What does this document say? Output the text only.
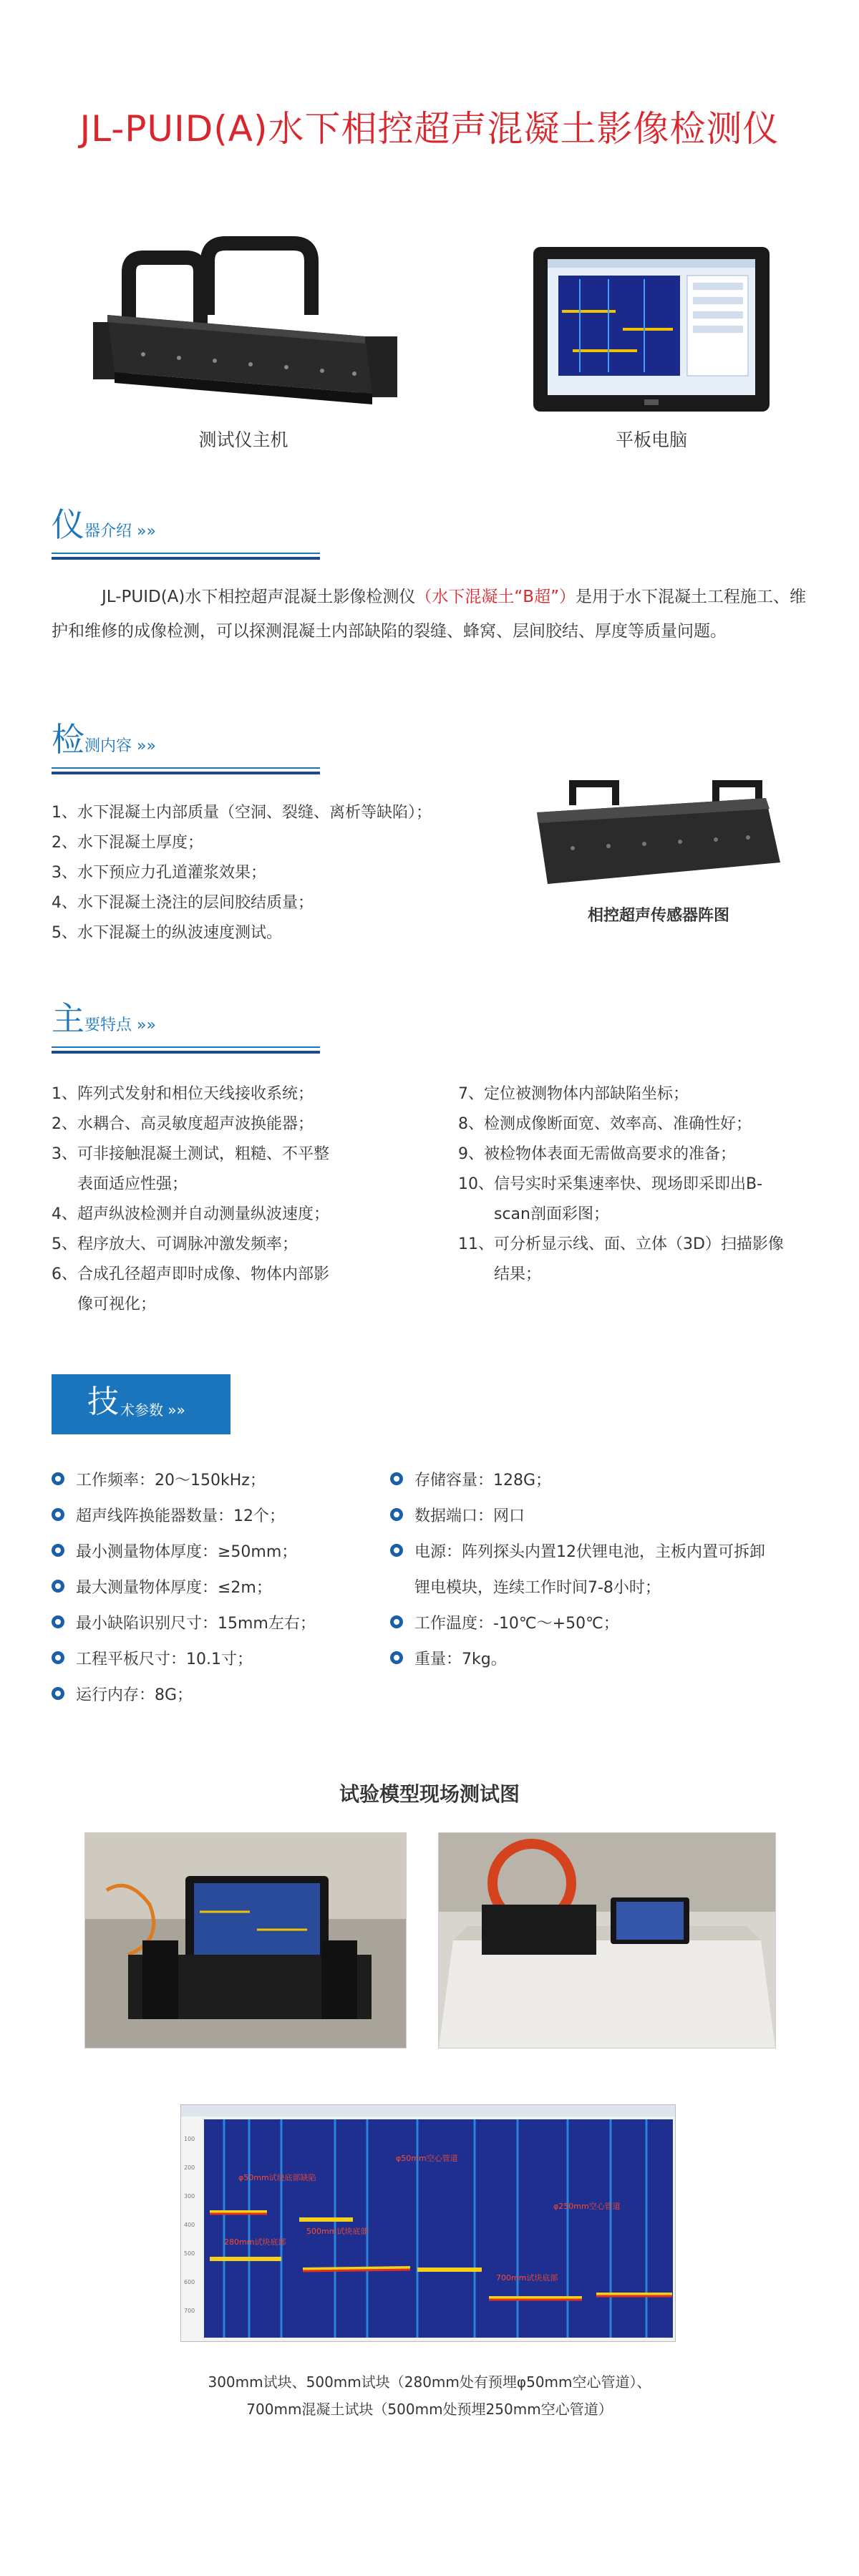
JL-PUID(A)水下相控超声混凝土影像检测仪
测试仪主机	平板电脑
仪 器介绍 »»
JL-PUID(A)水下相控超声混凝土影像检测仪（水下混凝土“B超”）是用于水下混凝土工程施工、维护和维修的成像检测，可以探测混凝土内部缺陷的裂缝、蜂窝、层间胶结、厚度等质量问题。
检 测内容 »»
1、水下混凝土内部质量（空洞、裂缝、离析等缺陷）；
2、水下混凝土厚度；
3、水下预应力孔道灌浆效果；
4、水下混凝土浇注的层间胶结质量；
5、水下混凝土的纵波速度测试。
相控超声传感器阵图
主 要特点 »»
1、阵列式发射和相位天线接收系统；
2、水耦合、高灵敏度超声波换能器；
3、可非接触混凝土测试，粗糙、不平整
表面适应性强；
4、超声纵波检测并自动测量纵波速度；
5、程序放大、可调脉冲激发频率；
6、合成孔径超声即时成像、物体内部影
像可视化；
7、定位被测物体内部缺陷坐标；
8、检测成像断面宽、效率高、准确性好；
9、被检物体表面无需做高要求的准备；
10、信号实时采集速率快、现场即采即出B-
scan剖面彩图；
11、可分析显示线、面、立体（3D）扫描影像
结果；
技 术参数 »»
工作频率：20～150kHz；
超声线阵换能器数量：12个；
最小测量物体厚度：≥50mm；
最大测量物体厚度：≤2m；
最小缺陷识别尺寸：15mm左右；
工程平板尺寸：10.1寸；
运行内存：8G；
存储容量：128G；
数据端口：网口
电源：阵列探头内置12伏锂电池，主板内置可拆卸
锂电模块，连续工作时间7-8小时；
工作温度：-10℃～+50℃；
重量：7kg。
试验模型现场测试图
100
200
300
400
500
600
700
φ50mm试块底部缺陷
φ50mm空心管道
280mm试块底部
500mm试块底部
φ250mm空心管道
700mm试块底部
300mm试块、500mm试块（280mm处有预埋φ50mm空心管道）、
700mm混凝土试块（500mm处预埋250mm空心管道）
